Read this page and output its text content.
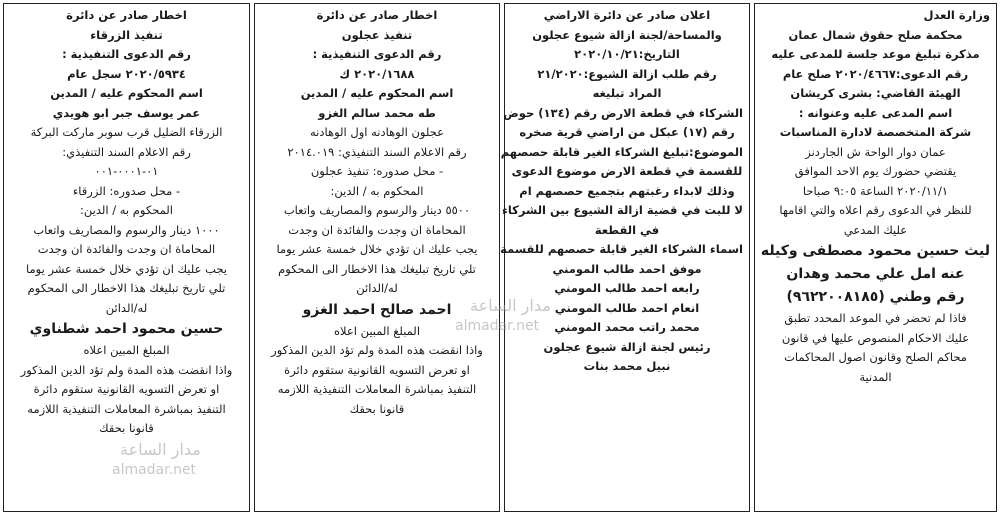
وزارة العدل
محكمة صلح حقوق شمال عمان
مذكرة تبليغ موعد جلسة للمدعى عليه
رقم الدعوى:٢٠٢٠/٤٦٦٧ صلح عام
الهيئة القاضي: بشرى كريشان
اسم المدعى عليه وعنوانه :
شركة المتخصصة لادارة المناسبات
عمان دوار الواحة ش الجاردنز
يقتضي حضورك يوم الاحد الموافق
٢٠٢٠/١١/١ الساعة ٩:٠٥ صباحا
للنظر في الدعوى رقم اعلاه والتي اقامها
عليك المدعي
ليث حسين محمود مصطفى وكيله
عنه امل علي محمد وهدان
رقم وطني (٩٦٢٢٠٠٨١٨٥)
فاذا لم تحضر في الموعد المحدد تطبق
عليك الاحكام المنصوص عليها في قانون
محاكم الصلح وقانون اصول المحاكمات
المدنية
اعلان صادر عن دائرة الاراضي
والمساحة/لجنة ازالة شيوع عجلون
التاريخ:٢٠٢٠/١٠/٢١
رقم طلب ازالة الشيوع:٢١/٢٠٢٠
المراد تبليغه
الشركاء في قطعة الارض رقم (١٣٤) حوض
رقم (١٧) عبكل من اراضي قرية صخره
الموضوع:تبليغ الشركاء الغير قابلة حصصهم
للقسمة في قطعة الارض موضوع الدعوى
وذلك لابداء رغبتهم بتجميع حصصهم ام
لا للبت في قضية ازالة الشيوع بين الشركاء
في القطعة
اسماء الشركاء الغير قابلة حصصهم للقسمة
موفق احمد طالب المومني
رابعه احمد طالب المومني
انعام احمد طالب المومني
محمد راتب محمد المومني
رئيس لجنة ازالة شيوع عجلون
نبيل محمد بنات
اخطار صادر عن دائرة
تنفيذ عجلون
رقم الدعوى التنفيذية :
٢٠٢٠/١٦٨٨ ك
اسم المحكوم عليه / المدين
طه محمد سالم الغزو
عجلون الوهادنه اول الوهادنه
رقم الاعلام السند التنفيذي: ٢٠١٤.٠١٩
- محل صدوره: تنفيذ عجلون
المحكوم به / الدين:
٥٥٠٠ دينار والرسوم والمصاريف واتعاب
المحاماة ان وجدت والفائدة ان وجدت
يجب عليك ان تؤدي خلال خمسة عشر يوما
تلي تاريخ تبليغك هذا الاخطار الى المحكوم
له/الدائن
احمد صالح احمد الغزو
المبلغ المبين اعلاه
واذا انقضت هذه المدة ولم تؤد الدين المذكور
او تعرض التسويه القانونية ستقوم دائرة
التنفيذ بمباشرة المعاملات التنفيذية اللازمه
قانونا بحقك
اخطار صادر عن دائرة
تنفيذ الزرقاء
رقم الدعوى التنفيذية :
٢٠٢٠/٥٩٣٤ سجل عام
اسم المحكوم عليه / المدين
عمر يوسف جبر ابو هويدي
الزرقاء الضليل قرب سوبر ماركت البركة
رقم الاعلام السند التنفيذي:
٠١-٠٠٠١-٠٠١
- محل صدوره: الزرقاء
المحكوم به / الدين:
١٠٠٠ دينار والرسوم والمصاريف واتعاب
المحاماة ان وجدت والفائدة ان وجدت
يجب عليك ان تؤدي خلال خمسة عشر يوما
تلي تاريخ تبليغك هذا الاخطار الى المحكوم
له/الدائن
حسين محمود احمد شطناوي
المبلغ المبين اعلاه
واذا انقضت هذه المدة ولم تؤد الدين المذكور
او تعرض التسويه القانونية ستقوم دائرة
التنفيذ بمباشرة المعاملات التنفيذية اللازمه
قانونا بحقك
مدار الساعة
almadar.net
مدار الساعة
almadar.net
